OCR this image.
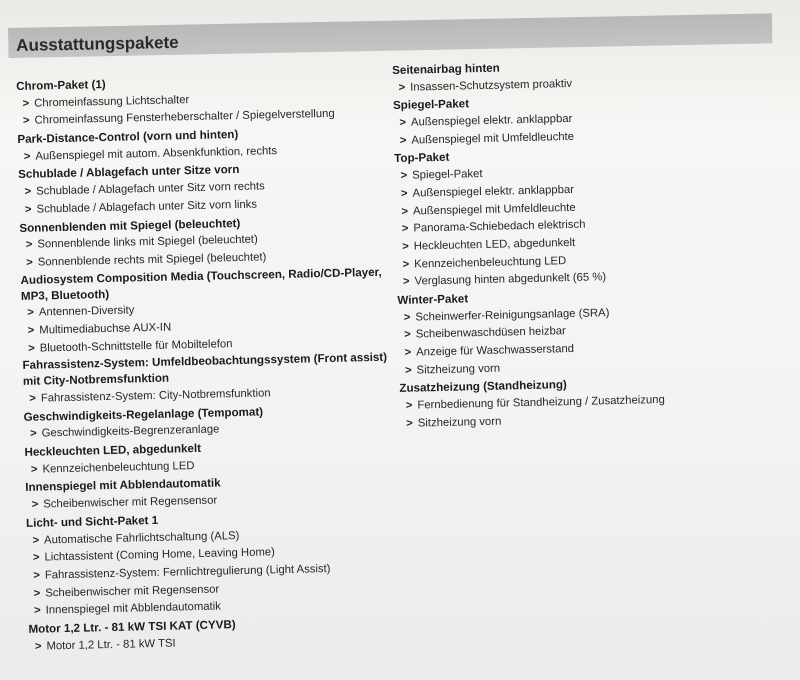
Ausstattungspakete
Chrom-Paket (1)
> Chromeinfassung Lichtschalter
> Chromeinfassung Fensterheberschalter / Spiegelverstellung
Park-Distance-Control (vorn und hinten)
> Außenspiegel mit autom. Absenkfunktion, rechts
Schublade / Ablagefach unter Sitze vorn
> Schublade / Ablagefach unter Sitz vorn rechts
> Schublade / Ablagefach unter Sitz vorn links
Sonnenblenden mit Spiegel (beleuchtet)
> Sonnenblende links mit Spiegel (beleuchtet)
> Sonnenblende rechts mit Spiegel (beleuchtet)
Audiosystem Composition Media (Touchscreen, Radio/CD-Player,
MP3, Bluetooth)
> Antennen-Diversity
> Multimediabuchse AUX-IN
> Bluetooth-Schnittstelle für Mobiltelefon
Fahrassistenz-System: Umfeldbeobachtungssystem (Front assist)
mit City-Notbremsfunktion
> Fahrassistenz-System: City-Notbremsfunktion
Geschwindigkeits-Regelanlage (Tempomat)
> Geschwindigkeits-Begrenzeranlage
Heckleuchten LED, abgedunkelt
> Kennzeichenbeleuchtung LED
Innenspiegel mit Abblendautomatik
> Scheibenwischer mit Regensensor
Licht- und Sicht-Paket 1
> Automatische Fahrlichtschaltung (ALS)
> Lichtassistent (Coming Home, Leaving Home)
> Fahrassistenz-System: Fernlichtregulierung (Light Assist)
> Scheibenwischer mit Regensensor
> Innenspiegel mit Abblendautomatik
Motor 1,2 Ltr. - 81 kW TSI KAT (CYVB)
> Motor 1,2 Ltr. - 81 kW TSI
Seitenairbag hinten
> Insassen-Schutzsystem proaktiv
Spiegel-Paket
> Außenspiegel elektr. anklappbar
> Außenspiegel mit Umfeldleuchte
Top-Paket
> Spiegel-Paket
> Außenspiegel elektr. anklappbar
> Außenspiegel mit Umfeldleuchte
> Panorama-Schiebedach elektrisch
> Heckleuchten LED, abgedunkelt
> Kennzeichenbeleuchtung LED
> Verglasung hinten abgedunkelt (65 %)
Winter-Paket
> Scheinwerfer-Reinigungsanlage (SRA)
> Scheibenwaschdüsen heizbar
> Anzeige für Waschwasserstand
> Sitzheizung vorn
Zusatzheizung (Standheizung)
> Fernbedienung für Standheizung / Zusatzheizung
> Sitzheizung vorn
